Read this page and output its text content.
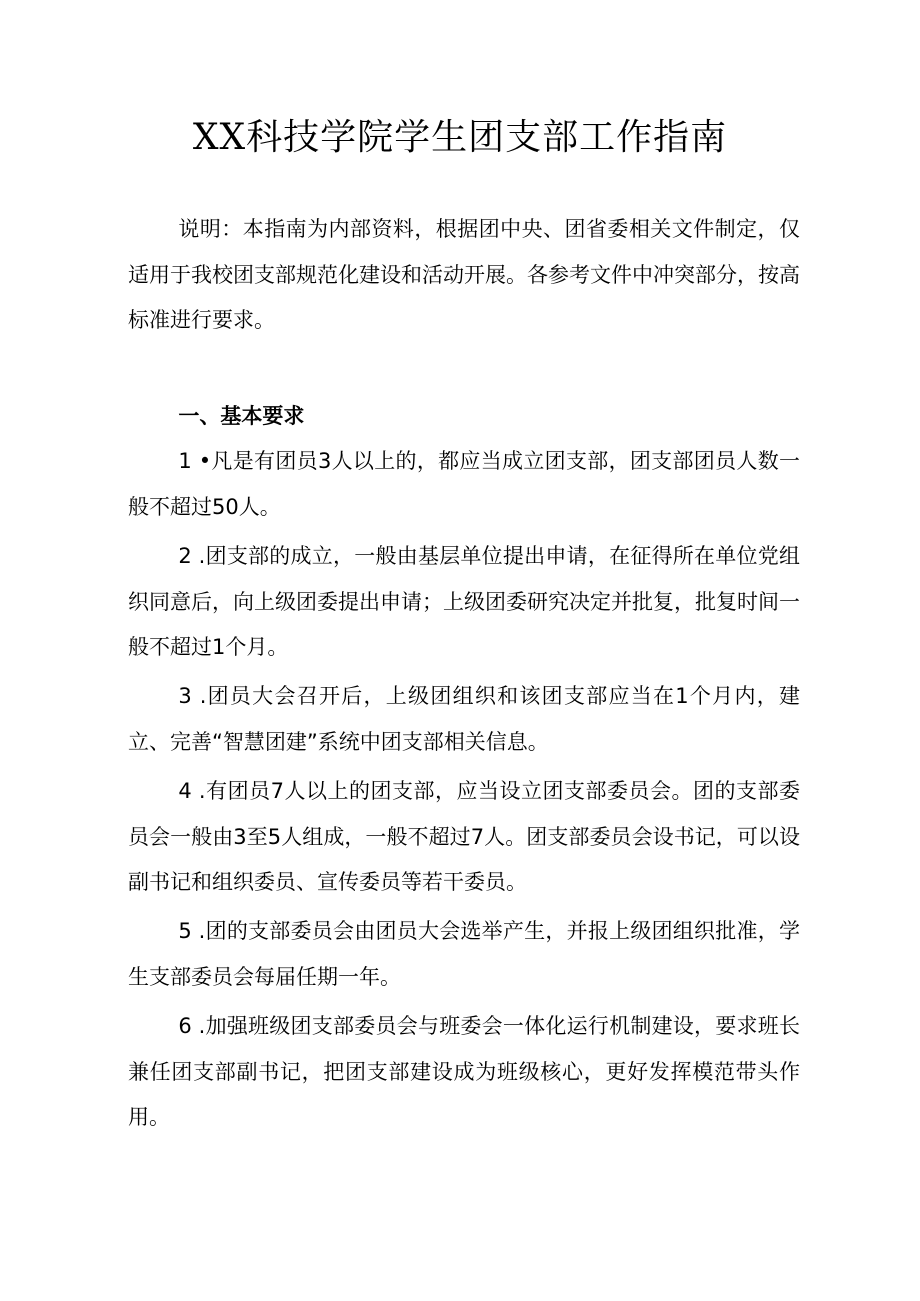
XX科技学院学生团支部工作指南

说明：本指南为内部资料，根据团中央、团省委相关文件制定，仅适用于我校团支部规范化建设和活动开展。各参考文件中冲突部分，按高标准进行要求。

一、基本要求

1 •凡是有团员3人以上的，都应当成立团支部，团支部团员人数一般不超过50人。

2 .团支部的成立，一般由基层单位提出申请，在征得所在单位党组织同意后，向上级团委提出申请；上级团委研究决定并批复，批复时间一般不超过1个月。

3 .团员大会召开后，上级团组织和该团支部应当在1个月内，建立、完善“智慧团建”系统中团支部相关信息。

4 .有团员7人以上的团支部，应当设立团支部委员会。团的支部委员会一般由3至5人组成，一般不超过7人。团支部委员会设书记，可以设副书记和组织委员、宣传委员等若干委员。

5 .团的支部委员会由团员大会选举产生，并报上级团组织批准，学生支部委员会每届任期一年。

6 .加强班级团支部委员会与班委会一体化运行机制建设，要求班长兼任团支部副书记，把团支部建设成为班级核心，更好发挥模范带头作用。
